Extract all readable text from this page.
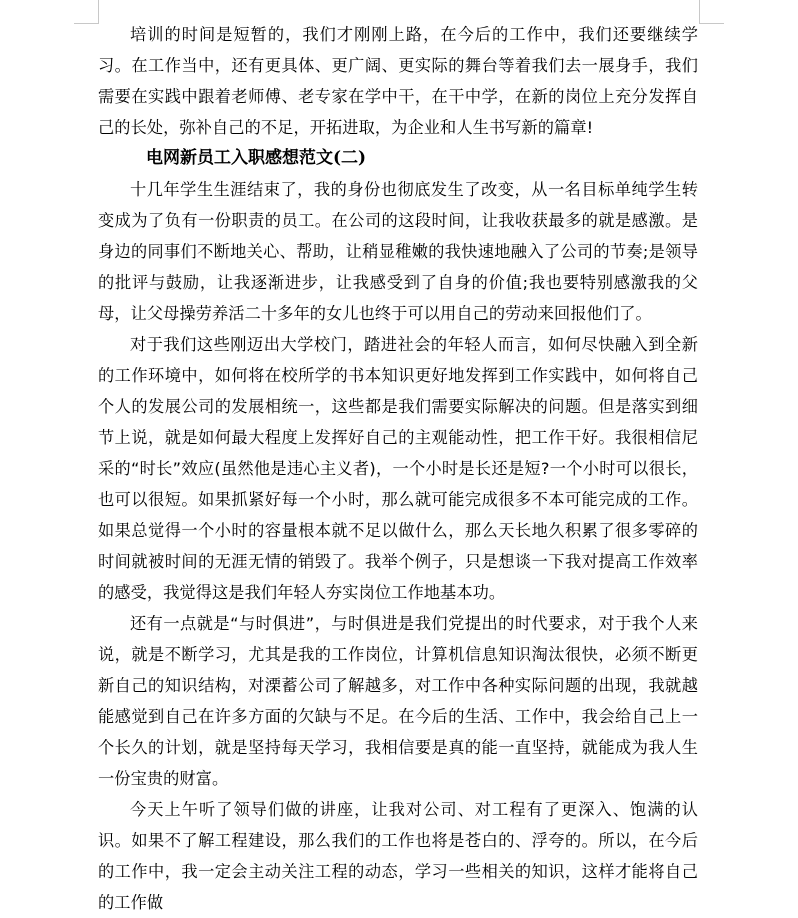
培训的时间是短暂的，我们才刚刚上路，在今后的工作中，我们还要继续学习。在工作当中，还有更具体、更广阔、更实际的舞台等着我们去一展身手，我们需要在实践中跟着老师傅、老专家在学中干，在干中学，在新的岗位上充分发挥自己的长处，弥补自己的不足，开拓进取，为企业和人生书写新的篇章!

电网新员工入职感想范文(二)

十几年学生生涯结束了，我的身份也彻底发生了改变，从一名目标单纯学生转变成为了负有一份职责的员工。在公司的这段时间，让我收获最多的就是感激。是身边的同事们不断地关心、帮助，让稍显稚嫩的我快速地融入了公司的节奏;是领导的批评与鼓励，让我逐渐进步，让我感受到了自身的价值;我也要特别感激我的父母，让父母操劳养活二十多年的女儿也终于可以用自己的劳动来回报他们了。

对于我们这些刚迈出大学校门，踏进社会的年轻人而言，如何尽快融入到全新的工作环境中，如何将在校所学的书本知识更好地发挥到工作实践中，如何将自己个人的发展公司的发展相统一，这些都是我们需要实际解决的问题。但是落实到细节上说，就是如何最大程度上发挥好自己的主观能动性，把工作干好。我很相信尼采的“时长”效应(虽然他是违心主义者)，一个小时是长还是短?一个小时可以很长，也可以很短。如果抓紧好每一个小时，那么就可能完成很多不本可能完成的工作。如果总觉得一个小时的容量根本就不足以做什么，那么天长地久积累了很多零碎的时间就被时间的无涯无情的销毁了。我举个例子，只是想谈一下我对提高工作效率的感受，我觉得这是我们年轻人夯实岗位工作地基本功。

还有一点就是“与时俱进”，与时俱进是我们党提出的时代要求，对于我个人来说，就是不断学习，尤其是我的工作岗位，计算机信息知识淘汰很快，必须不断更新自己的知识结构，对溧蓄公司了解越多，对工作中各种实际问题的出现，我就越能感觉到自己在许多方面的欠缺与不足。在今后的生活、工作中，我会给自己上一个长久的计划，就是坚持每天学习，我相信要是真的能一直坚持，就能成为我人生一份宝贵的财富。

今天上午听了领导们做的讲座，让我对公司、对工程有了更深入、饱满的认识。如果不了解工程建设，那么我们的工作也将是苍白的、浮夸的。所以，在今后的工作中，我一定会主动关注工程的动态，学习一些相关的知识，这样才能将自己的工作做
